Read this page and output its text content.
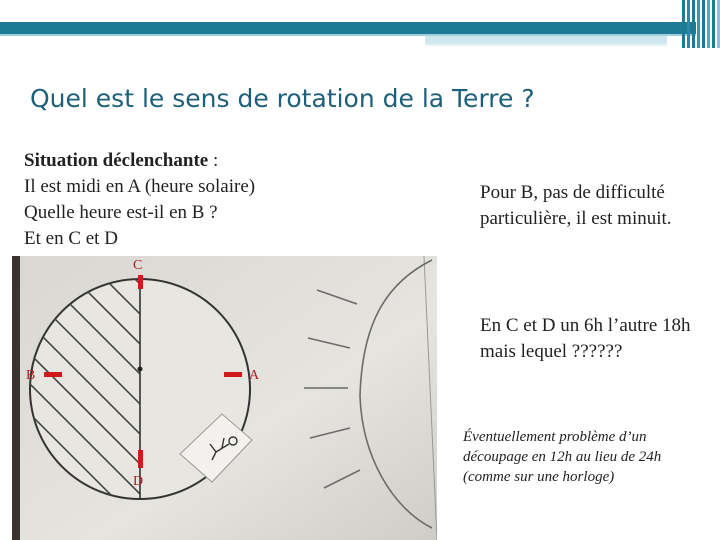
Quel est le sens de rotation de la Terre ?
Situation déclenchante :
Il est midi en A (heure solaire)
Quelle heure est-il en B ?
Et en C et D
C
B	A
D
Pour B, pas de difficulté particulière, il est minuit.
En C et D un 6h l’autre 18h mais lequel ??????
Éventuellement problème d’un découpage en 12h au lieu de 24h (comme sur une horloge)
